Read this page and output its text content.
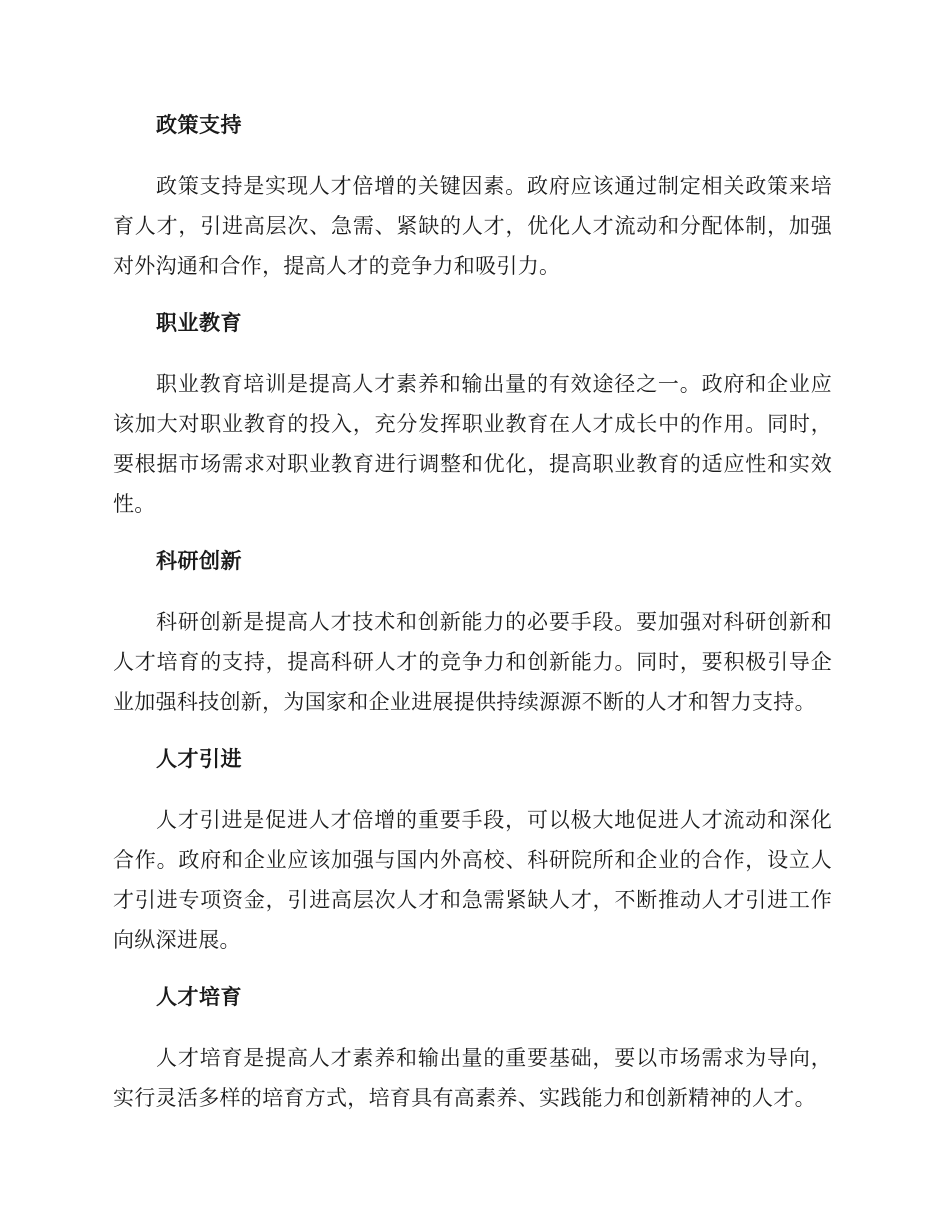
政策支持

政策支持是实现人才倍增的关键因素。政府应该通过制定相关政策来培育人才，引进高层次、急需、紧缺的人才，优化人才流动和分配体制，加强对外沟通和合作，提高人才的竞争力和吸引力。

职业教育

职业教育培训是提高人才素养和输出量的有效途径之一。政府和企业应该加大对职业教育的投入，充分发挥职业教育在人才成长中的作用。同时，要根据市场需求对职业教育进行调整和优化，提高职业教育的适应性和实效性。

科研创新

科研创新是提高人才技术和创新能力的必要手段。要加强对科研创新和人才培育的支持，提高科研人才的竞争力和创新能力。同时，要积极引导企业加强科技创新，为国家和企业进展提供持续源源不断的人才和智力支持。

人才引进

人才引进是促进人才倍增的重要手段，可以极大地促进人才流动和深化合作。政府和企业应该加强与国内外高校、科研院所和企业的合作，设立人才引进专项资金，引进高层次人才和急需紧缺人才，不断推动人才引进工作向纵深进展。

人才培育

人才培育是提高人才素养和输出量的重要基础，要以市场需求为导向，实行灵活多样的培育方式，培育具有高素养、实践能力和创新精神的人才。
